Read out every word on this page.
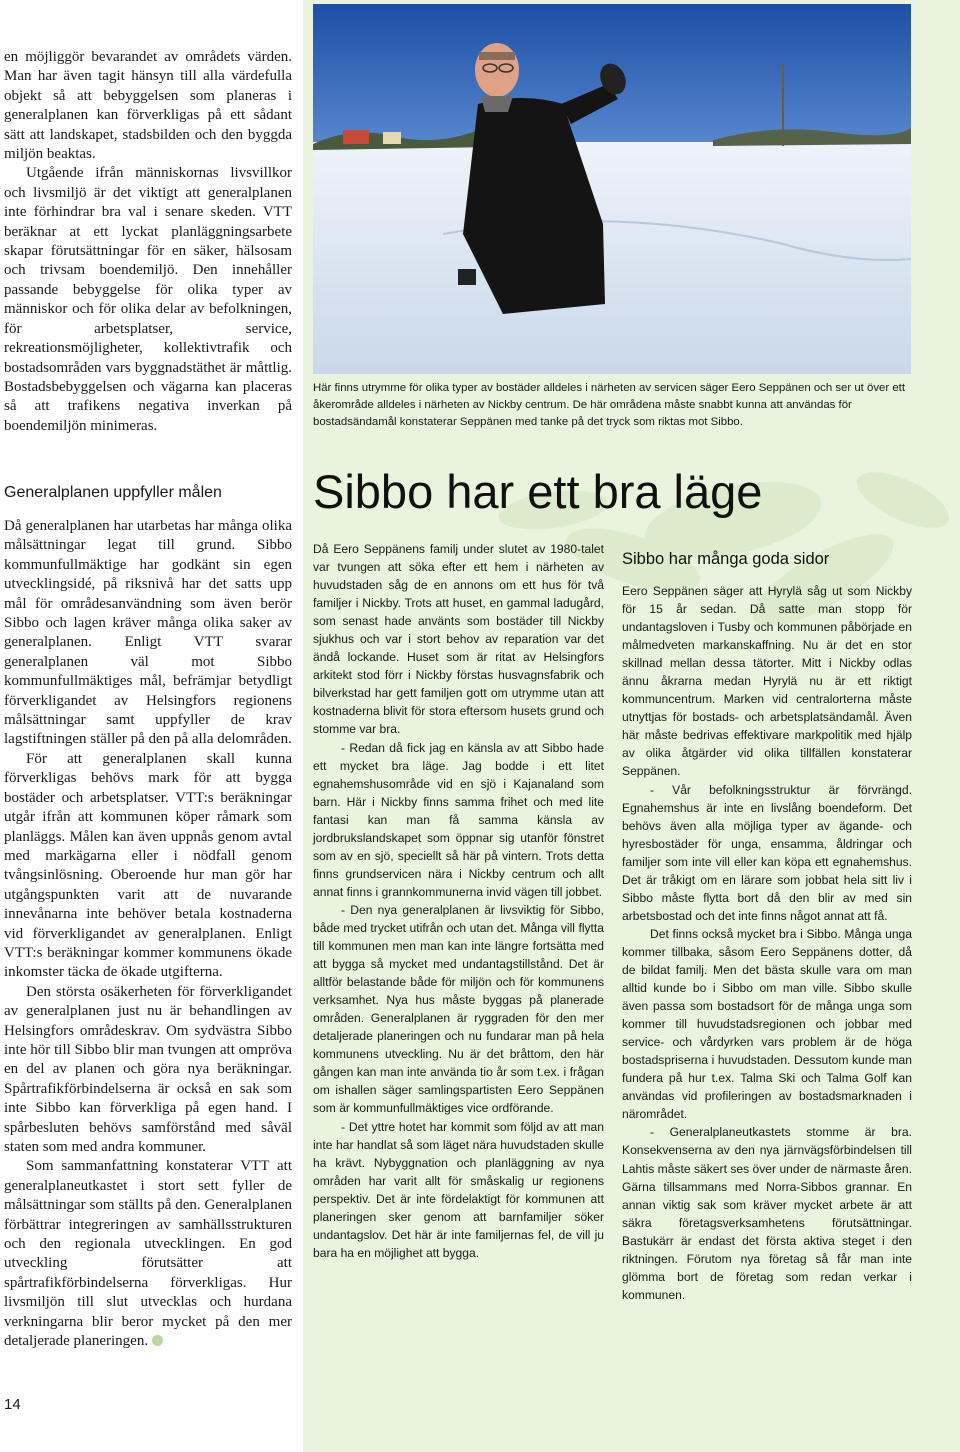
en möjliggör bevarandet av områdets värden. Man har även tagit hänsyn till alla värdefulla objekt så att bebyggelsen som planeras i generalplanen kan förverkligas på ett sådant sätt att landskapet, stadsbilden och den byggda miljön beaktas.

Utgående ifrån människornas livsvillkor och livsmiljö är det viktigt att generalplanen inte förhindrar bra val i senare skeden. VTT beräknar at ett lyckat planläggningsarbete skapar förutsättningar för en säker, hälsosam och trivsam boendemiljö. Den innehåller passande bebyggelse för olika typer av människor och för olika delar av befolkningen, för arbetsplatser, service, rekreationsmöjligheter, kollektivtrafik och bostadsområden vars byggnadstäthet är måttlig. Bostadsbebyggelsen och vägarna kan placeras så att trafikens negativa inverkan på boendemiljön minimeras.

Generalplanen uppfyller målen

Då generalplanen har utarbetas har många olika målsättningar legat till grund. Sibbo kommunfullmäktige har godkänt sin egen utvecklingsidé, på riksnivå har det satts upp mål för områdesanvändning som även berör Sibbo och lagen kräver många olika saker av generalplanen. Enligt VTT svarar generalplanen väl mot Sibbo kommunfullmäktiges mål, befrämjar betydligt förverkligandet av Helsingfors regionens målsättningar samt uppfyller de krav lagstiftningen ställer på den på alla delområden.

För att generalplanen skall kunna förverkligas behövs mark för att bygga bostäder och arbetsplatser. VTT:s beräkningar utgår ifrån att kommunen köper råmark som planläggs. Målen kan även uppnås genom avtal med markägarna eller i nödfall genom tvångsinlösning. Oberoende hur man gör har utgångspunkten varit att de nuvarande innevånarna inte behöver betala kostnaderna vid förverkligandet av generalplanen. Enligt VTT:s beräkningar kommer kommunens ökade inkomster täcka de ökade utgifterna.

Den största osäkerheten för förverkligandet av generalplanen just nu är behandlingen av Helsingfors områdeskrav. Om sydvästra Sibbo inte hör till Sibbo blir man tvungen att ompröva en del av planen och göra nya beräkningar. Spårtrafikförbindelserna är också en sak som inte Sibbo kan förverkliga på egen hand. I spårbesluten behövs samförstånd med såväl staten som med andra kommuner.

Som sammanfattning konstaterar VTT att generalplaneutkastet i stort sett fyller de målsättningar som ställts på den. Generalplanen förbättrar integreringen av samhällsstrukturen och den regionala utvecklingen. En god utveckling förutsätter att spårtrafikförbindelserna förverkligas. Hur livsmiljön till slut utvecklas och hurdana verkningarna blir beror mycket på den mer detaljerade planeringen.

14

Här finns utrymme för olika typer av bostäder alldeles i närheten av servicen säger Eero Seppänen och ser ut över ett åkerområde alldeles i närheten av Nickby centrum. De här områdena måste snabbt kunna att användas för bostadsändamål konstaterar Seppänen med tanke på det tryck som riktas mot Sibbo.

Sibbo har ett bra läge

Då Eero Seppänens familj under slutet av 1980-talet var tvungen att söka efter ett hem i närheten av huvudstaden såg de en annons om ett hus för två familjer i Nickby. Trots att huset, en gammal ladugård, som senast hade använts som bostäder till Nickby sjukhus och var i stort behov av reparation var det ändå lockande. Huset som är ritat av Helsingfors arkitekt stod förr i Nickby förstas husvagnsfabrik och bilverkstad har gett familjen gott om utrymme utan att kostnaderna blivit för stora eftersom husets grund och stomme var bra.

- Redan då fick jag en känsla av att Sibbo hade ett mycket bra läge. Jag bodde i ett litet egnahemshusområde vid en sjö i Kajanaland som barn. Här i Nickby finns samma frihet och med lite fantasi kan man få samma känsla av jordbrukslandskapet som öppnar sig utanför fönstret som av en sjö, speciellt så här på vintern. Trots detta finns grundservicen nära i Nickby centrum och allt annat finns i grannkommunerna invid vägen till jobbet.

- Den nya generalplanen är livsviktig för Sibbo, både med trycket utifrån och utan det. Många vill flytta till kommunen men man kan inte längre fortsätta med att bygga så mycket med undantagstillstånd. Det är alltför belastande både för miljön och för kommunens verksamhet. Nya hus måste byggas på planerade områden. Generalplanen är ryggraden för den mer detaljerade planeringen och nu fundarar man på hela kommunens utveckling. Nu är det bråttom, den här gången kan man inte använda tio år som t.ex. i frågan om ishallen säger samlingspartisten Eero Seppänen som är kommunfullmäktiges vice ordförande.

- Det yttre hotet har kommit som följd av att man inte har handlat så som läget nära huvudstaden skulle ha krävt. Nybyggnation och planläggning av nya områden har varit allt för småskalig ur regionens perspektiv. Det är inte fördelaktigt för kommunen att planeringen sker genom att barnfamiljer söker undantagslov. Det här är inte familjernas fel, de vill ju bara ha en möjlighet att bygga.

Sibbo har många goda sidor

Eero Seppänen säger att Hyrylä såg ut som Nickby för 15 år sedan. Då satte man stopp för undantagsloven i Tusby och kommunen påbörjade en målmedveten markanskaffning. Nu är det en stor skillnad mellan dessa tätorter. Mitt i Nickby odlas ännu åkrarna medan Hyrylä nu är ett riktigt kommuncentrum. Marken vid centralorterna måste utnyttjas för bostads- och arbetsplatsändamål. Även här måste bedrivas effektivare markpolitik med hjälp av olika åtgärder vid olika tillfällen konstaterar Seppänen.

- Vår befolkningsstruktur är förvrängd. Egnahemshus är inte en livslång boendeform. Det behövs även alla möjliga typer av ägande- och hyresbostäder för unga, ensamma, åldringar och familjer som inte vill eller kan köpa ett egnahemshus. Det är tråkigt om en lärare som jobbat hela sitt liv i Sibbo måste flytta bort då den blir av med sin arbetsbostad och det inte finns något annat att få.

Det finns också mycket bra i Sibbo. Många unga kommer tillbaka, såsom Eero Seppänens dotter, då de bildat familj. Men det bästa skulle vara om man alltid kunde bo i Sibbo om man ville. Sibbo skulle även passa som bostadsort för de många unga som kommer till huvudstadsregionen och jobbar med service- och vårdyrken vars problem är de höga bostadspriserna i huvudstaden. Dessutom kunde man fundera på hur t.ex. Talma Ski och Talma Golf kan användas vid profileringen av bostadsmarknaden i närområdet.

- Generalplaneutkastets stomme är bra. Konsekvenserna av den nya järnvägsförbindelsen till Lahtis måste säkert ses över under de närmaste åren. Gärna tillsammans med Norra-Sibbos grannar. En annan viktig sak som kräver mycket arbete är att säkra företagsverksamhetens förutsättningar. Bastukärr är endast det första aktiva steget i den riktningen. Förutom nya företag så får man inte glömma bort de företag som redan verkar i kommunen.
